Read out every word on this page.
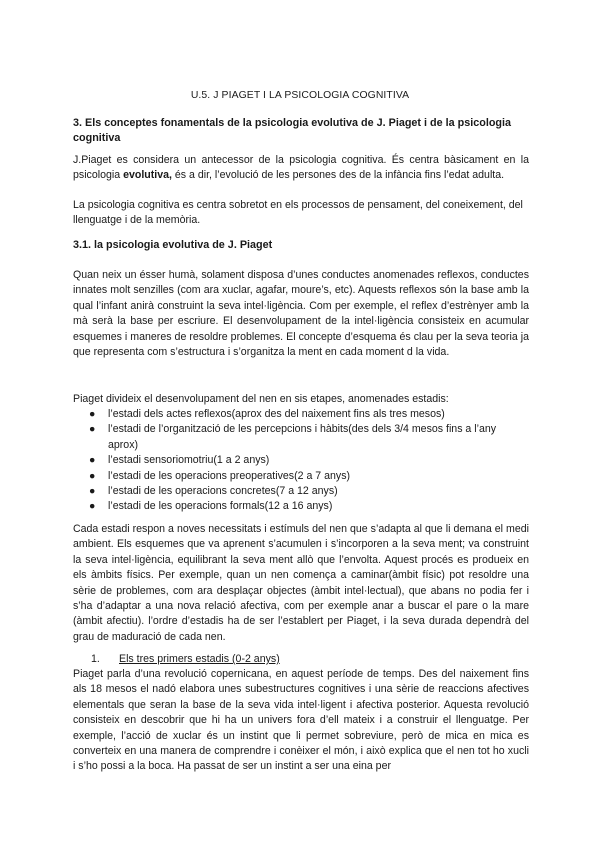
U.5. J PIAGET I LA PSICOLOGIA COGNITIVA
3. Els conceptes fonamentals de la psicologia evolutiva de J. Piaget i de la psicologia cognitiva
J.Piaget es considera un antecessor de la psicologia cognitiva. És centra bàsicament en la psicologia evolutiva, és a dir, l’evolució de les persones des de la infància fins l’edat adulta.
La psicologia cognitiva es centra sobretot en els processos de pensament, del coneixement, del llenguatge i de la memòria.
3.1. la psicologia evolutiva de J. Piaget
Quan neix un ésser humà, solament disposa d’unes conductes anomenades reflexos, conductes innates molt senzilles (com ara xuclar, agafar, moure’s, etc). Aquests reflexos són la base amb la qual l’infant anirà construint la seva intel·ligència. Com per exemple, el reflex d’estrènyer amb la mà serà la base per escriure. El desenvolupament de la intel·ligència consisteix en acumular esquemes i maneres de resoldre problemes. El concepte d’esquema és clau per la seva teoria ja que representa com s’estructura i s’organitza la ment en cada moment d la vida.
Piaget divideix el desenvolupament del nen en sis etapes, anomenades estadis:
● l’estadi dels actes reflexos(aprox des del naixement fins als tres mesos)
● l’estadi de l’organització de les percepcions i hàbits(des dels 3/4 mesos fins a l’any aprox)
● l’estadi sensoriomotriu(1 a 2 anys)
● l’estadi de les operacions preoperatives(2 a 7 anys)
● l’estadi de les operacions concretes(7 a 12 anys)
● l’estadi de les operacions formals(12 a 16 anys)
Cada estadi respon a noves necessitats i estímuls del nen que s’adapta al que li demana el medi ambient. Els esquemes que va aprenent s’acumulen i s’incorporen a la seva ment; va construint la seva intel·ligència, equilibrant la seva ment allò que l’envolta. Aquest procés es produeix en els àmbits físics. Per exemple, quan un nen comença a caminar(àmbit físic) pot resoldre una sèrie de problemes, com ara desplaçar objectes (àmbit intel·lectual), que abans no podia fer i s’ha d’adaptar a una nova relació afectiva, com per exemple anar a buscar el pare o la mare (àmbit afectiu). l’ordre d’estadis ha de ser l’establert per Piaget, i la seva durada dependrà del grau de maduració de cada nen.
1. Els tres primers estadis (0-2 anys)
Piaget parla d’una revolució copernicana, en aquest període de temps. Des del naixement fins als 18 mesos el nadó elabora unes subestructures cognitives i una sèrie de reaccions afectives elementals que seran la base de la seva vida intel·ligent i afectiva posterior. Aquesta revolució consisteix en descobrir que hi ha un univers fora d’ell mateix i a construir el llenguatge. Per exemple, l’acció de xuclar és un instint que li permet sobreviure, però de mica en mica es converteix en una manera de comprendre i conèixer el món, i això explica que el nen tot ho xucli i s’ho possi a la boca. Ha passat de ser un instint a ser una eina per
